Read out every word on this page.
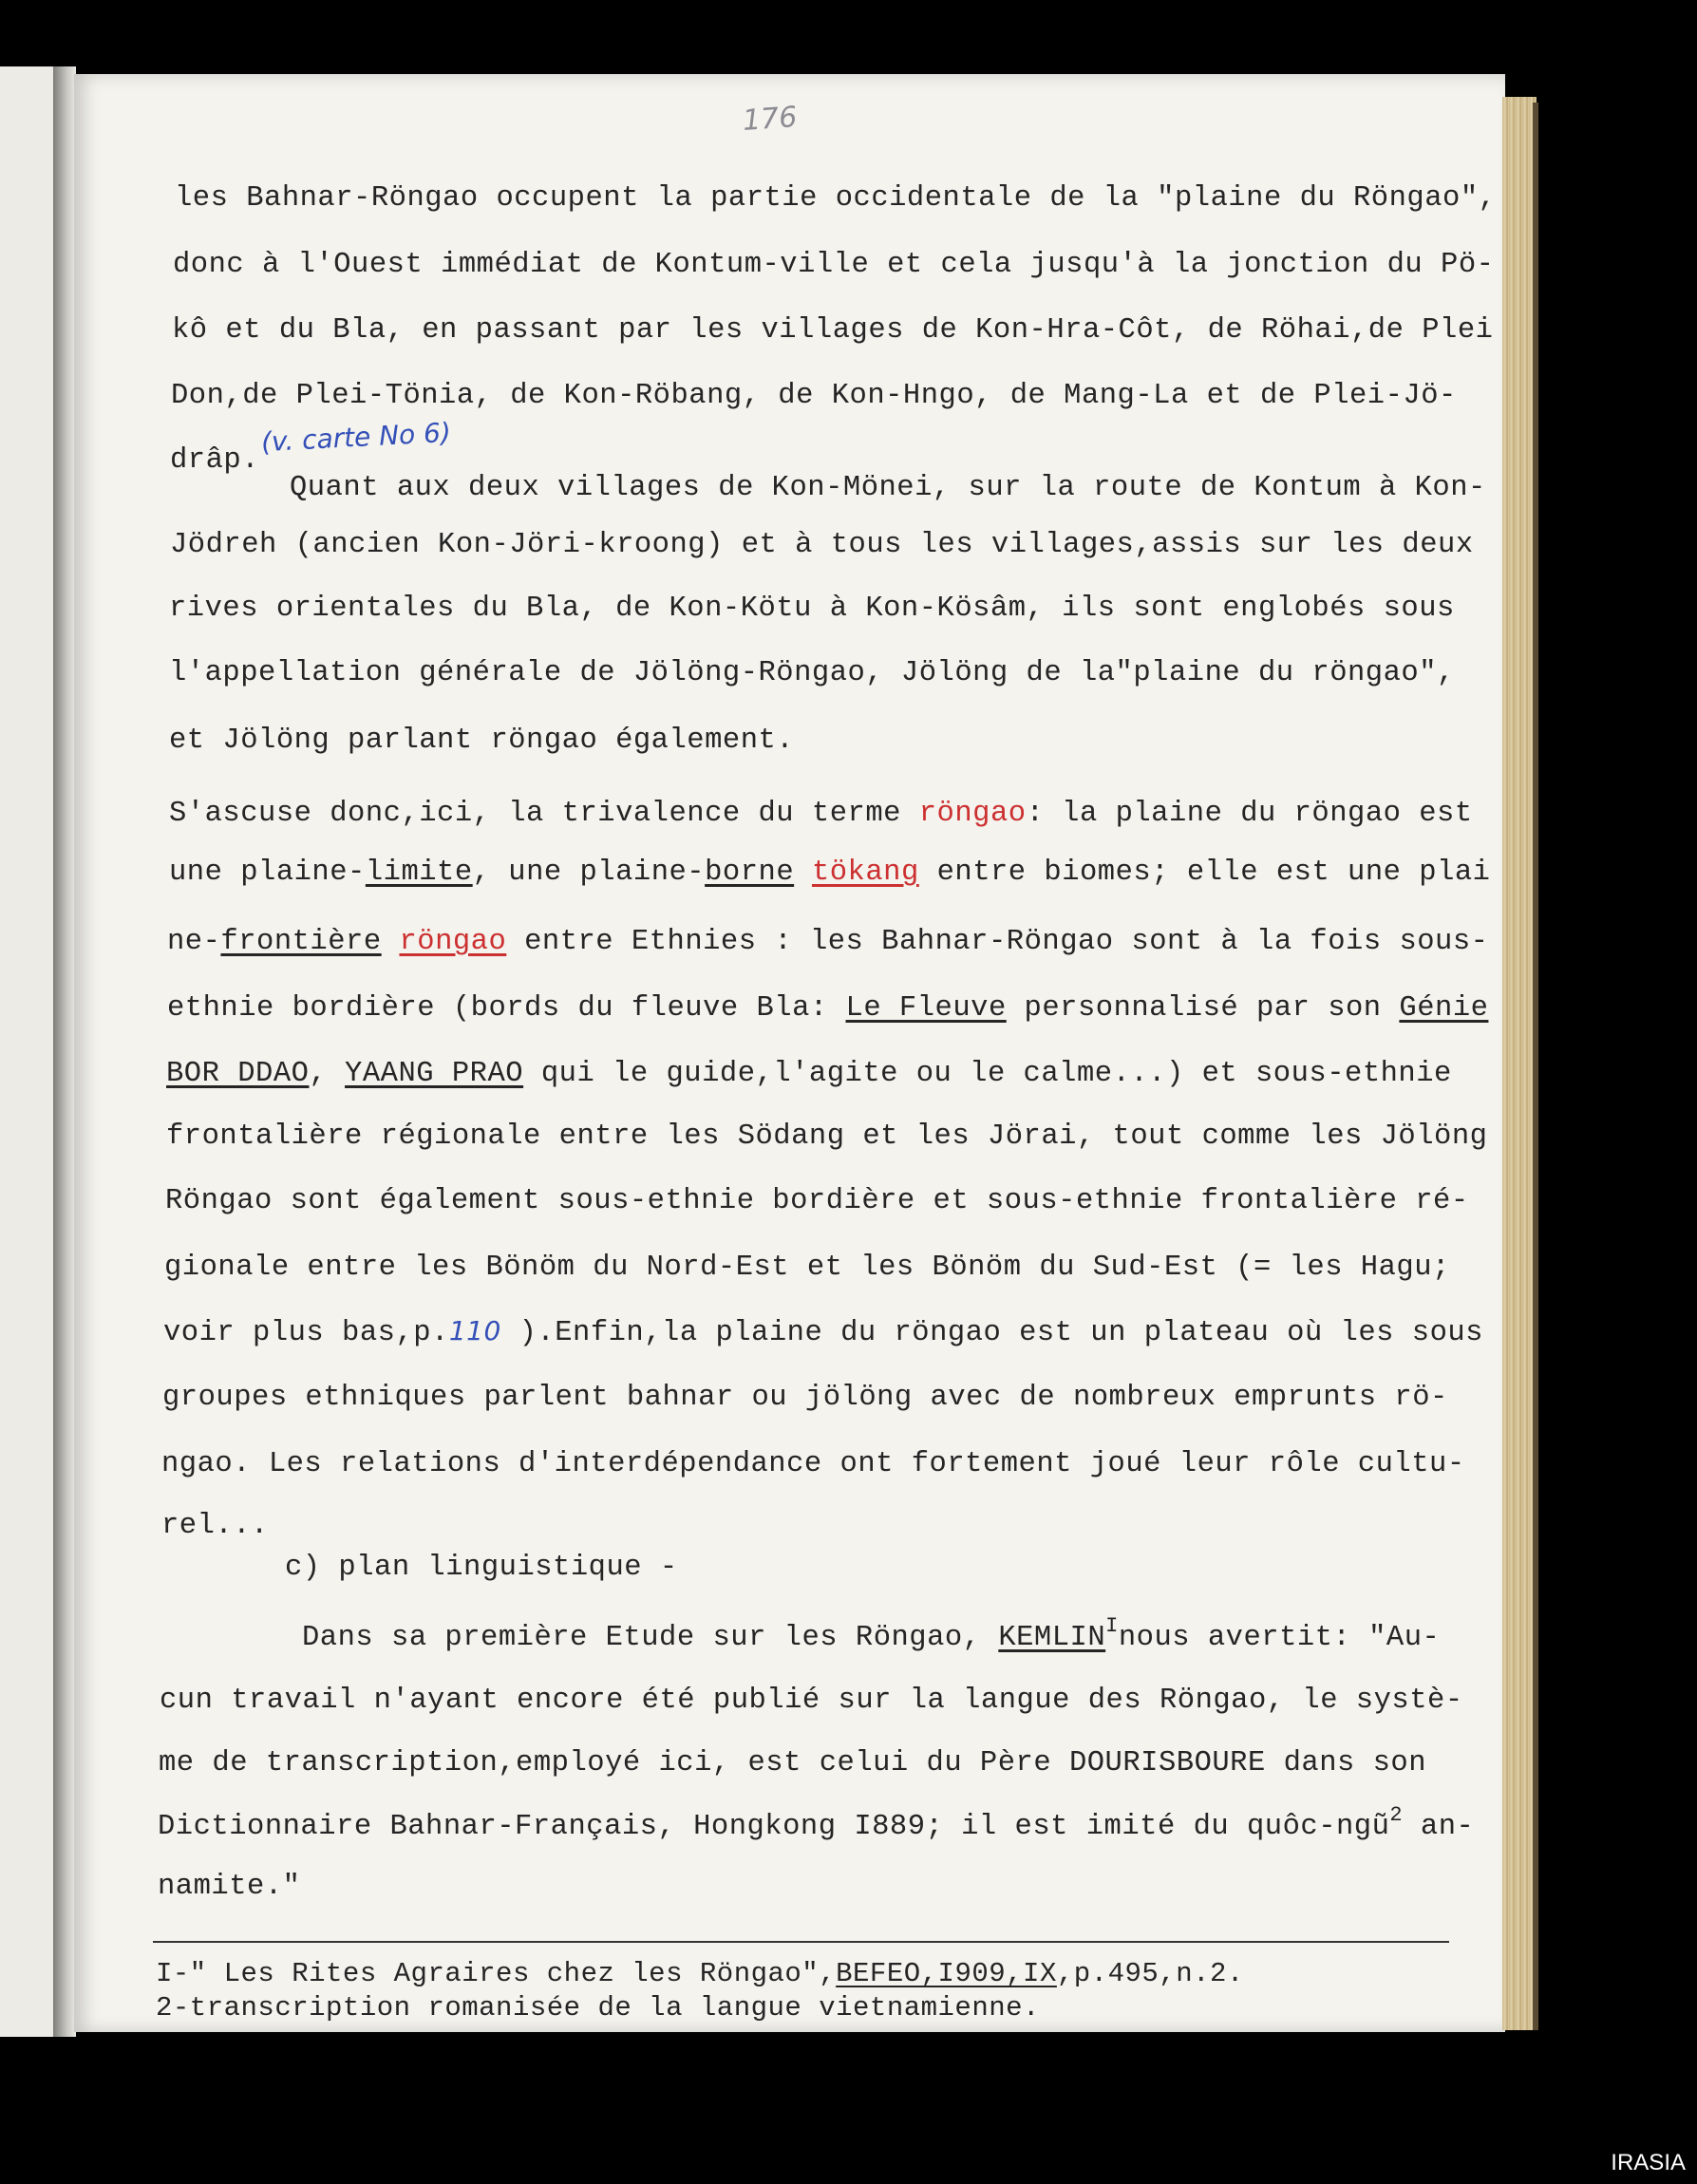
176
les Bahnar-Röngao occupent la partie occidentale de la "plaine du Röngao",
donc à l'Ouest immédiat de Kontum-ville et cela jusqu'à la jonction du Pö-
kô et du Bla, en passant par les villages de Kon-Hra-Côt, de Röhai,de Plei
Don,de Plei-Tönia, de Kon-Röbang, de Kon-Hngo, de Mang-La et de Plei-Jö-
drâp.
(v. carte No 6)
Quant aux deux villages de Kon-Mönei, sur la route de Kontum à Kon-
Jödreh (ancien Kon-Jöri-kroong) et à tous les villages,assis sur les deux
rives orientales du Bla, de Kon-Kötu à Kon-Kösâm, ils sont englobés sous
l'appellation générale de Jölöng-Röngao, Jölöng de la"plaine du röngao",
et Jölöng parlant röngao également.
S'ascuse donc,ici, la trivalence du terme röngao: la plaine du röngao est
une plaine-limite, une plaine-borne tökang entre biomes; elle est une plai
ne-frontière röngao entre Ethnies : les Bahnar-Röngao sont à la fois sous-
ethnie bordière (bords du fleuve Bla: Le Fleuve personnalisé par son Génie
BOR DDAO, YAANG PRAO qui le guide,l'agite ou le calme...) et sous-ethnie
frontalière régionale entre les Södang et les Jörai, tout comme les Jölöng
Röngao sont également sous-ethnie bordière et sous-ethnie frontalière ré-
gionale entre les Bönöm du Nord-Est et les Bönöm du Sud-Est (= les Hagu;
voir plus bas,p.110 ).Enfin,la plaine du röngao est un plateau où les sous
groupes ethniques parlent bahnar ou jölöng avec de nombreux emprunts rö-
ngao. Les relations d'interdépendance ont fortement joué leur rôle cultu-
rel...
c) plan linguistique -
Dans sa première Etude sur les Röngao, $KEMLIN^Inous$ avertit: "Au-
cun travail n'ayant encore été publié sur la langue des Röngao, le systè-
me de transcription,employé ici, est celui du Père DOURISBOURE dans son
Dictionnaire Bahnar-Français, Hongkong I889; il est imité du quôc-ngũ$^2$ an-
namite."
I-" Les Rites Agraires chez les Röngao",BEFEO,I909,IX,p.495,n.2.
2-transcription romanisée de la langue vietnamienne.
IRASIA
